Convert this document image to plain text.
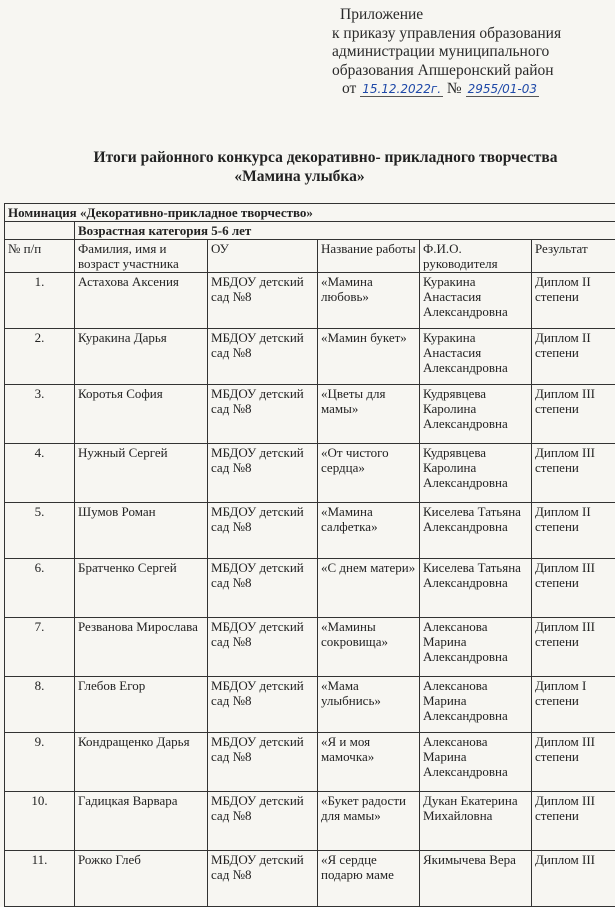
Приложение
к приказу управления образования
администрации муниципального
образования Апшеронский район
от 15.12.2022г. № 2955/01-03
Итоги районного конкурса декоративно- прикладного творчества
«Мамина улыбка»
Номинация «Декоративно-прикладное творчество»					
	Возрастная категория 5-6 лет				
№ п/п	Фамилия, имя и возраст участника	ОУ	Название работы	Ф.И.О. руководителя	Результат
1.	Астахова Аксения	МБДОУ детский сад №8	«Мамина любовь»	Куракина Анастасия Александровна	Диплом II степени
2.	Куракина Дарья	МБДОУ детский сад №8	«Мамин букет»	Куракина Анастасия Александровна	Диплом II степени
3.	Коротья София	МБДОУ детский сад №8	«Цветы для мамы»	Кудрявцева Каролина Александровна	Диплом III степени
4.	Нужный Сергей	МБДОУ детский сад №8	«От чистого сердца»	Кудрявцева Каролина Александровна	Диплом III степени
5.	Шумов Роман	МБДОУ детский сад №8	«Мамина салфетка»	Киселева Татьяна Александровна	Диплом II степени
6.	Братченко Сергей	МБДОУ детский сад №8	«С днем матери»	Киселева Татьяна Александровна	Диплом III степени
7.	Резванова Мирослава	МБДОУ детский сад №8	«Мамины сокровища»	Алексанова Марина Александровна	Диплом III степени
8.	Глебов Егор	МБДОУ детский сад №8	«Мама улыбнись»	Алексанова Марина Александровна	Диплом I степени
9.	Кондращенко Дарья	МБДОУ детский сад №8	«Я и моя мамочка»	Алексанова Марина Александровна	Диплом III степени
10.	Гадицкая Варвара	МБДОУ детский сад №8	«Букет радости для мамы»	Дукан Екатерина Михайловна	Диплом III степени
11.	Рожко Глеб	МБДОУ детский сад №8	«Я сердце подарю маме	Якимычева Вера	Диплом III
